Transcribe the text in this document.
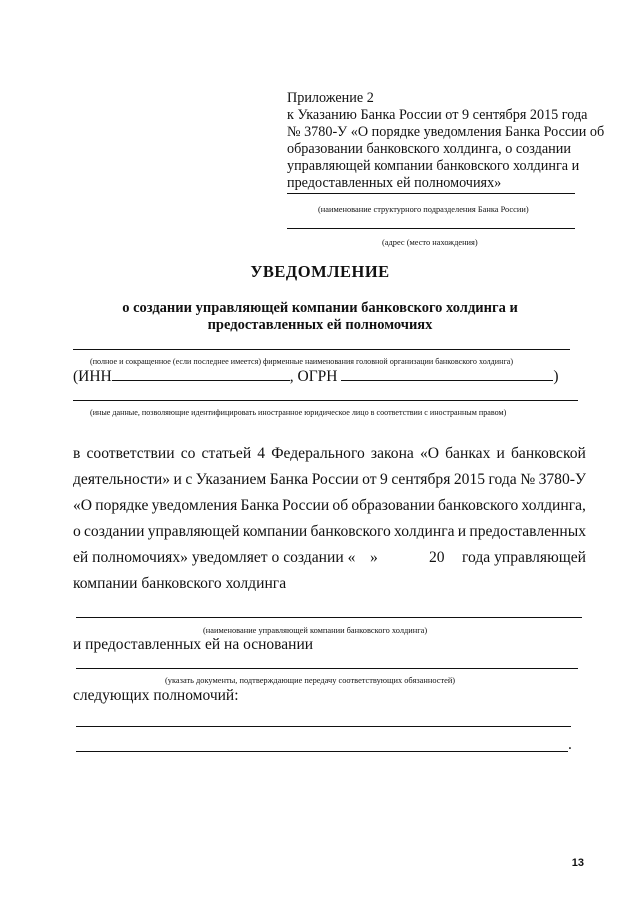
Приложение 2
к Указанию Банка России от 9 сентября 2015 года
№ 3780-У «О порядке уведомления Банка России об
образовании банковского холдинга, о создании
управляющей компании банковского холдинга и
предоставленных ей полномочиях»
(наименование структурного подразделения Банка России)
(адрес (место нахождения)
УВЕДОМЛЕНИЕ
о создании управляющей компании банковского холдинга и
предоставленных ей полномочиях
(полное и сокращенное (если последнее имеется) фирменные наименования головной организации банковского холдинга)
(ИНН	, ОГРН	)
(иные данные, позволяющие идентифицировать иностранное юридическое лицо в соответствии с иностранным правом)
в соответствии со статьей 4 Федерального закона «О банках и банковской
деятельности» и с Указанием Банка России от 9 сентября 2015 года № 3780-У
«О порядке уведомления Банка России об образовании банковского холдинга,
о создании управляющей компании банковского холдинга и предоставленных
ей полномочиях» уведомляет о создании « »	20 года управляющей
компании банковского холдинга
(наименование управляющей компании банковского холдинга)
и предоставленных ей на основании
(указать документы, подтверждающие передачу соответствующих обязанностей)
следующих полномочий:
.
13
